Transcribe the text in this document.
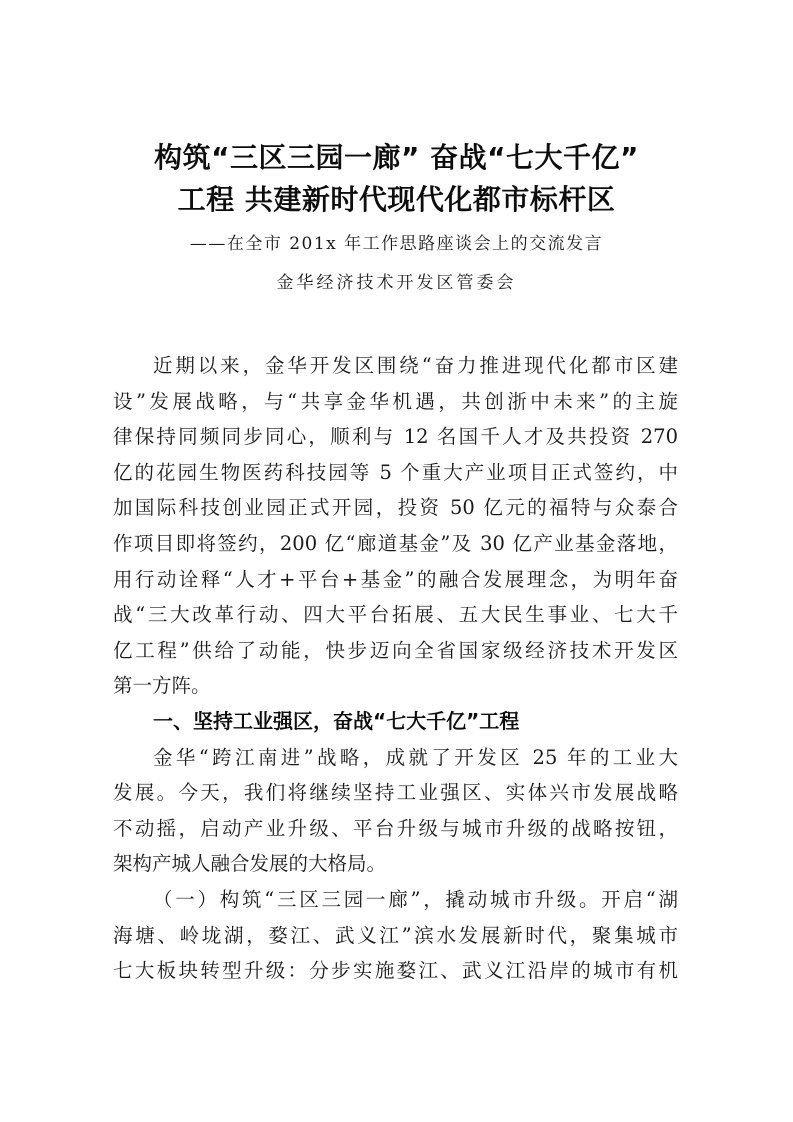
构筑“三区三园一廊” 奋战“七大千亿”
工程 共建新时代现代化都市标杆区
——在全市 201x 年工作思路座谈会上的交流发言
金华经济技术开发区管委会
近期以来，金华开发区围绕“奋力推进现代化都市区建
设”发展战略，与“共享金华机遇，共创浙中未来”的主旋
律保持同频同步同心，顺利与 12 名国千人才及共投资 270
亿的花园生物医药科技园等 5 个重大产业项目正式签约，中
加国际科技创业园正式开园，投资 50 亿元的福特与众泰合
作项目即将签约，200 亿“廊道基金”及 30 亿产业基金落地，
用行动诠释“人才+平台+基金”的融合发展理念，为明年奋
战“三大改革行动、四大平台拓展、五大民生事业、七大千
亿工程”供给了动能，快步迈向全省国家级经济技术开发区
第一方阵。
一、坚持工业强区，奋战“七大千亿”工程
金华“跨江南进”战略，成就了开发区 25 年的工业大
发展。今天，我们将继续坚持工业强区、实体兴市发展战略
不动摇，启动产业升级、平台升级与城市升级的战略按钮，
架构产城人融合发展的大格局。
（一）构筑“三区三园一廊”，撬动城市升级。开启“湖
海塘、岭垅湖，婺江、武义江”滨水发展新时代，聚集城市
七大板块转型升级：分步实施婺江、武义江沿岸的城市有机
